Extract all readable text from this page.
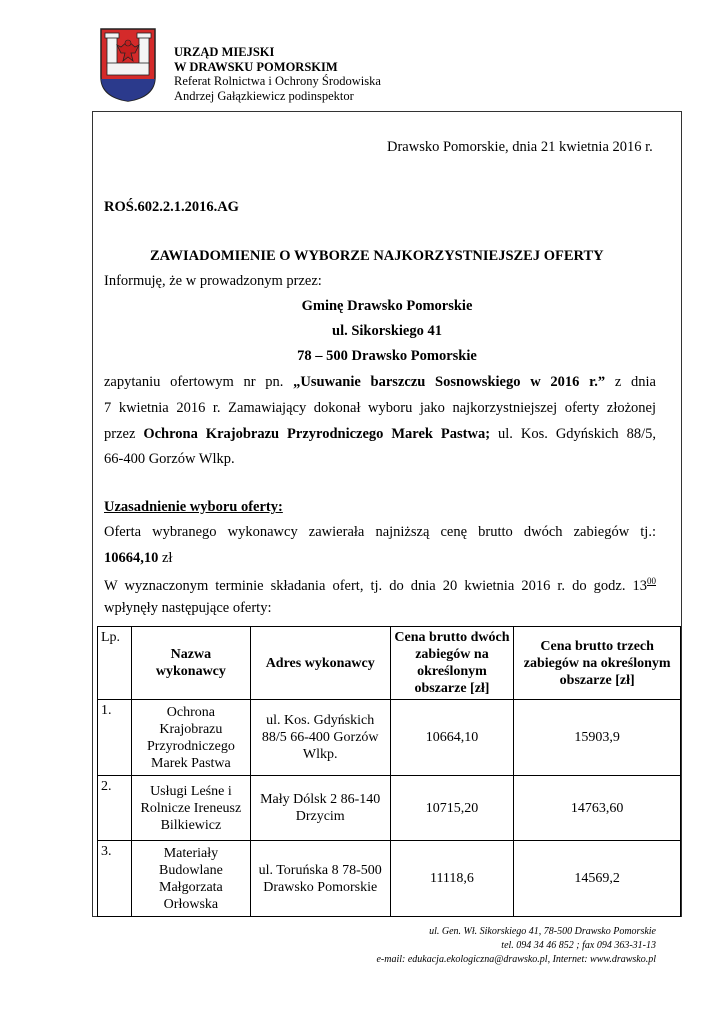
URZĄD MIEJSKI
W DRAWSKU POMORSKIM
Referat Rolnictwa i Ochrony Środowiska
Andrzej Gałązkiewicz podinspektor
Drawsko Pomorskie, dnia 21 kwietnia 2016 r.
ROŚ.602.2.1.2016.AG
ZAWIADOMIENIE O WYBORZE NAJKORZYSTNIEJSZEJ OFERTY
Informuję, że w prowadzonym przez:
Gminę Drawsko Pomorskie
ul. Sikorskiego 41
78 – 500 Drawsko Pomorskie
zapytaniu ofertowym nr pn. „Usuwanie barszczu Sosnowskiego w 2016 r.” z dnia
7 kwietnia 2016 r. Zamawiający dokonał wyboru jako najkorzystniejszej oferty złożonej
przez Ochrona Krajobrazu Przyrodniczego Marek Pastwa; ul. Kos. Gdyńskich 88/5,
66-400 Gorzów Wlkp.
Uzasadnienie wyboru oferty:
Oferta wybranego wykonawcy zawierała najniższą cenę brutto dwóch zabiegów tj.:
10664,10 zł
W wyznaczonym terminie składania ofert, tj. do dnia 20 kwietnia 2016 r. do godz. $13^{00}$
wpłynęły następujące oferty:
Lp.	Nazwa wykonawcy	Adres wykonawcy	Cena brutto dwóch zabiegów na określonym obszarze [zł]	Cena brutto trzech zabiegów na określonym obszarze [zł]
1.	Ochrona Krajobrazu Przyrodniczego Marek Pastwa	ul. Kos. Gdyńskich 88/5 66-400 Gorzów Wlkp.	10664,10	15903,9
2.	Usługi Leśne i Rolnicze Ireneusz Bilkiewicz	Mały Dólsk 2 86-140 Drzycim	10715,20	14763,60
3.	Materiały Budowlane Małgorzata Orłowska	ul. Toruńska 8 78-500 Drawsko Pomorskie	11118,6	14569,2
ul. Gen. Wł. Sikorskiego 41, 78-500 Drawsko Pomorskie
tel. 094 34 46 852 ; fax 094 363-31-13
e-mail: edukacja.ekologiczna@drawsko.pl, Internet: www.drawsko.pl
